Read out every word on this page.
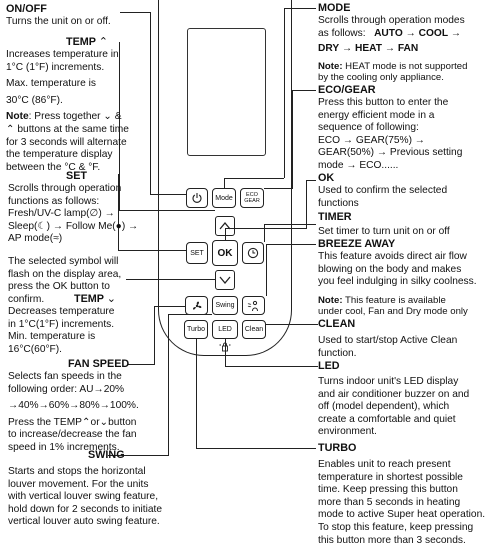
Mode	ECO
GEAR
SET OK
Swing
Turbo LED Clean

ON/OFF

Turns the unit on or off.

TEMP ⌃

Increases temperature in

1°C (1°F) increments.

Max. temperature is

30°C (86°F).

Note: Press together ⌄ &

⌃ buttons at the same time

for 3 seconds will alternate

the temperature display

between the °C & °F.

SET

Scrolls through operation

functions as follows:

Fresh/UV-C lamp(∅) →

Sleep(☾) → Follow Me(●) →

AP mode(≈)

The selected symbol will

flash on the display area,

press the OK button to

confirm.	TEMP ⌄

Decreases temperature

in 1°C(1°F) increments.

Min. temperature is

16°C(60°F).

FAN SPEED

Selects fan speeds in the

following order: AU→20%

→40%→60%→80%→100%.

Press the TEMP⌃or⌄button

to increase/decrease the fan

speed in 1% increments.

SWING

Starts and stops the horizontal

louver movement. For the units

with vertical louver swing feature,

hold down for 2 seconds to initiate

vertical louver auto swing feature.

MODE

Scrolls through operation modes

as follows: AUTO → COOL →

DRY → HEAT → FAN

Note: HEAT mode is not supported

by the cooling only appliance.

ECO/GEAR

Press this button to enter the

energy efficient mode in a

sequence of following:

ECO → GEAR(75%) →

GEAR(50%) → Previous setting

mode → ECO......

OK

Used to confirm the selected

functions

TIMER

Set timer to turn unit on or off

BREEZE AWAY

This feature avoids direct air flow

blowing on the body and makes

you feel indulging in silky coolness.

Note: This feature is available

under cool, Fan and Dry mode only

CLEAN

Used to start/stop Active Clean

function.

LED

Turns indoor unit's LED display

and air conditioner buzzer on and

off (model dependent), which

create a comfortable and quiet

environment.

TURBO

Enables unit to reach present

temperature in shortest possible

time. Keep pressing this button

more than 5 seconds in heating

mode to active Super heat operation.

To stop this feature, keep pressing

this button more than 3 seconds.
